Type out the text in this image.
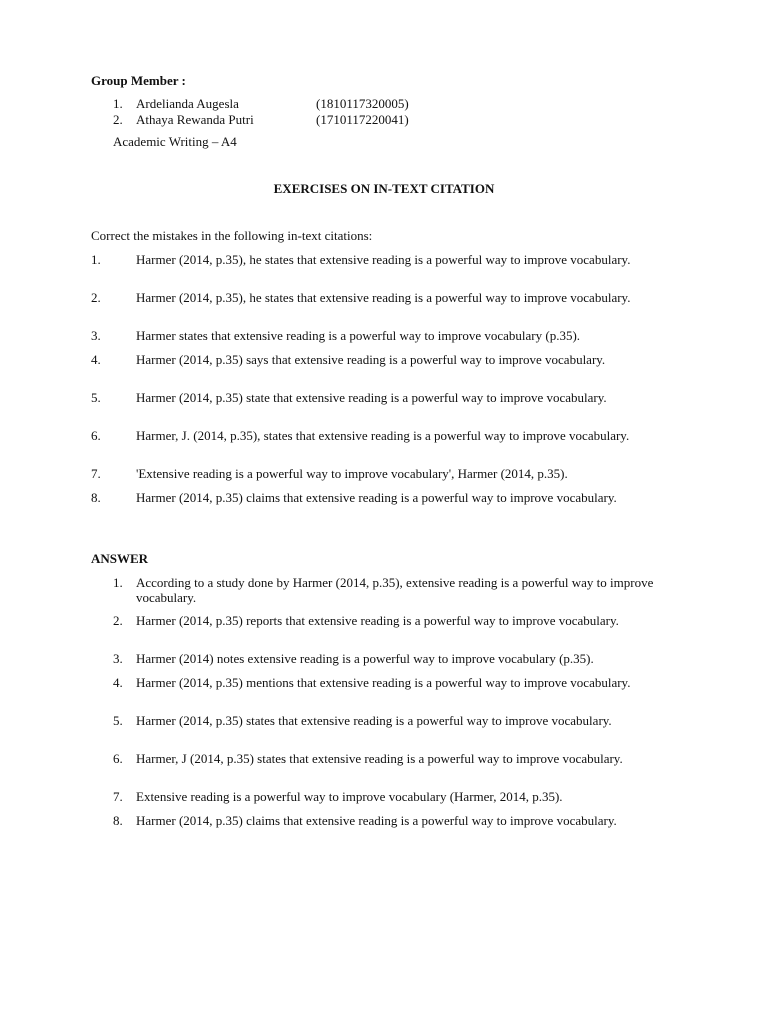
Group Member :
1. Ardelianda Augesla	(1810117320005)
2. Athaya Rewanda Putri	(1710117220041)
Academic Writing – A4
EXERCISES ON IN-TEXT CITATION
Correct the mistakes in the following in-text citations:
1.	Harmer (2014, p.35), he states that extensive reading is a powerful way to improve vocabulary.
2.	Harmer (2014, p.35), he states that extensive reading is a powerful way to improve vocabulary.
3.	Harmer states that extensive reading is a powerful way to improve vocabulary (p.35).
4.	Harmer (2014, p.35) says that extensive reading is a powerful way to improve vocabulary.
5.	Harmer (2014, p.35) state that extensive reading is a powerful way to improve vocabulary.
6.	Harmer, J. (2014, p.35), states that extensive reading is a powerful way to improve vocabulary.
7.	'Extensive reading is a powerful way to improve vocabulary', Harmer (2014, p.35).
8.	Harmer (2014, p.35) claims that extensive reading is a powerful way to improve vocabulary.
ANSWER
1. According to a study done by Harmer (2014, p.35), extensive reading is a powerful way to improve vocabulary.
2. Harmer (2014, p.35) reports that extensive reading is a powerful way to improve vocabulary.
3. Harmer (2014) notes extensive reading is a powerful way to improve vocabulary (p.35).
4. Harmer (2014, p.35) mentions that extensive reading is a powerful way to improve vocabulary.
5. Harmer (2014, p.35) states that extensive reading is a powerful way to improve vocabulary.
6. Harmer, J (2014, p.35) states that extensive reading is a powerful way to improve vocabulary.
7. Extensive reading is a powerful way to improve vocabulary (Harmer, 2014, p.35).
8. Harmer (2014, p.35) claims that extensive reading is a powerful way to improve vocabulary.
